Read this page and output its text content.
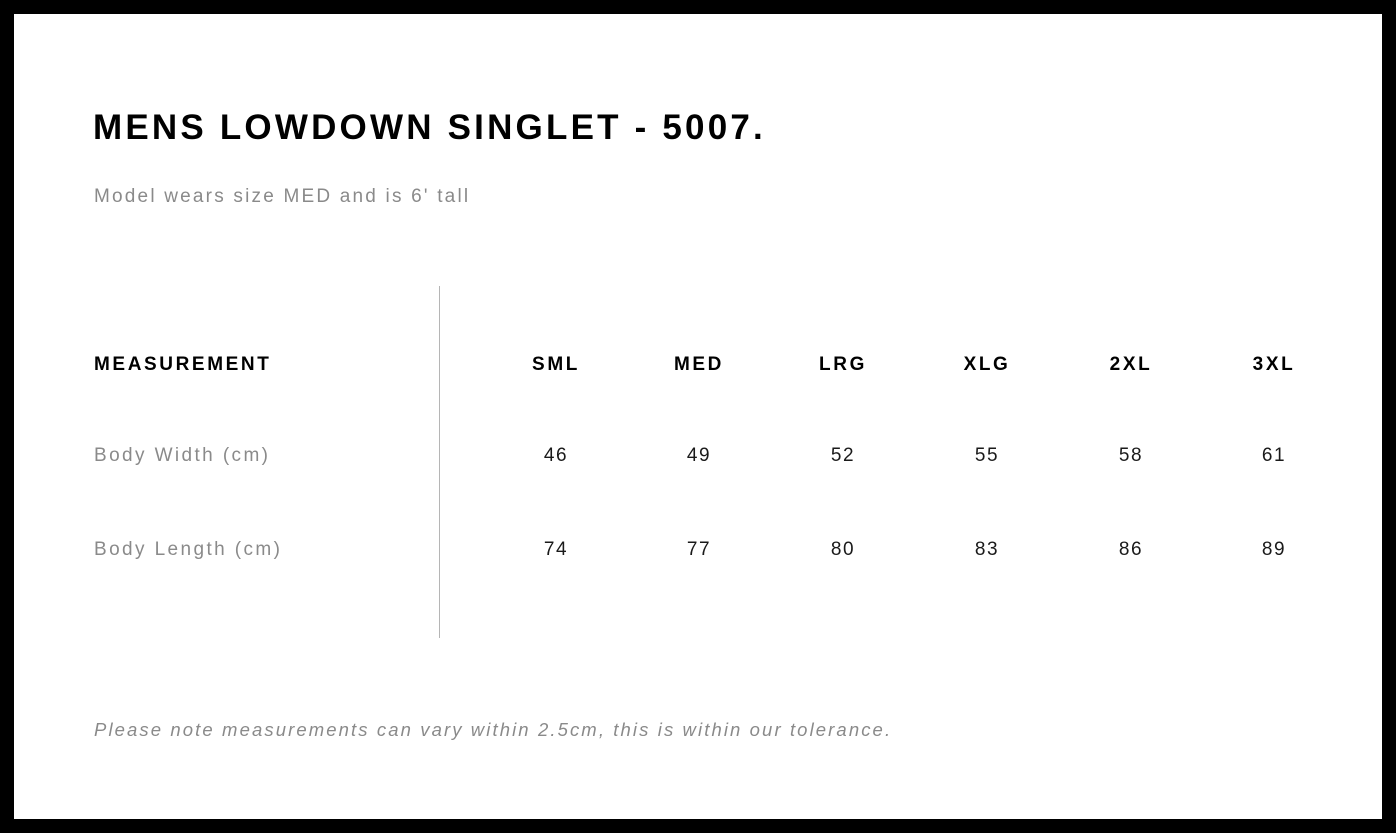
MENS LOWDOWN SINGLET - 5007.
Model wears size MED and is 6' tall
MEASUREMENT	SML	MED	LRG	XLG	2XL	3XL
Body Width (cm)	46	49	52	55	58	61
Body Length (cm)	74	77	80	83	86	89
Please note measurements can vary within 2.5cm, this is within our tolerance.
